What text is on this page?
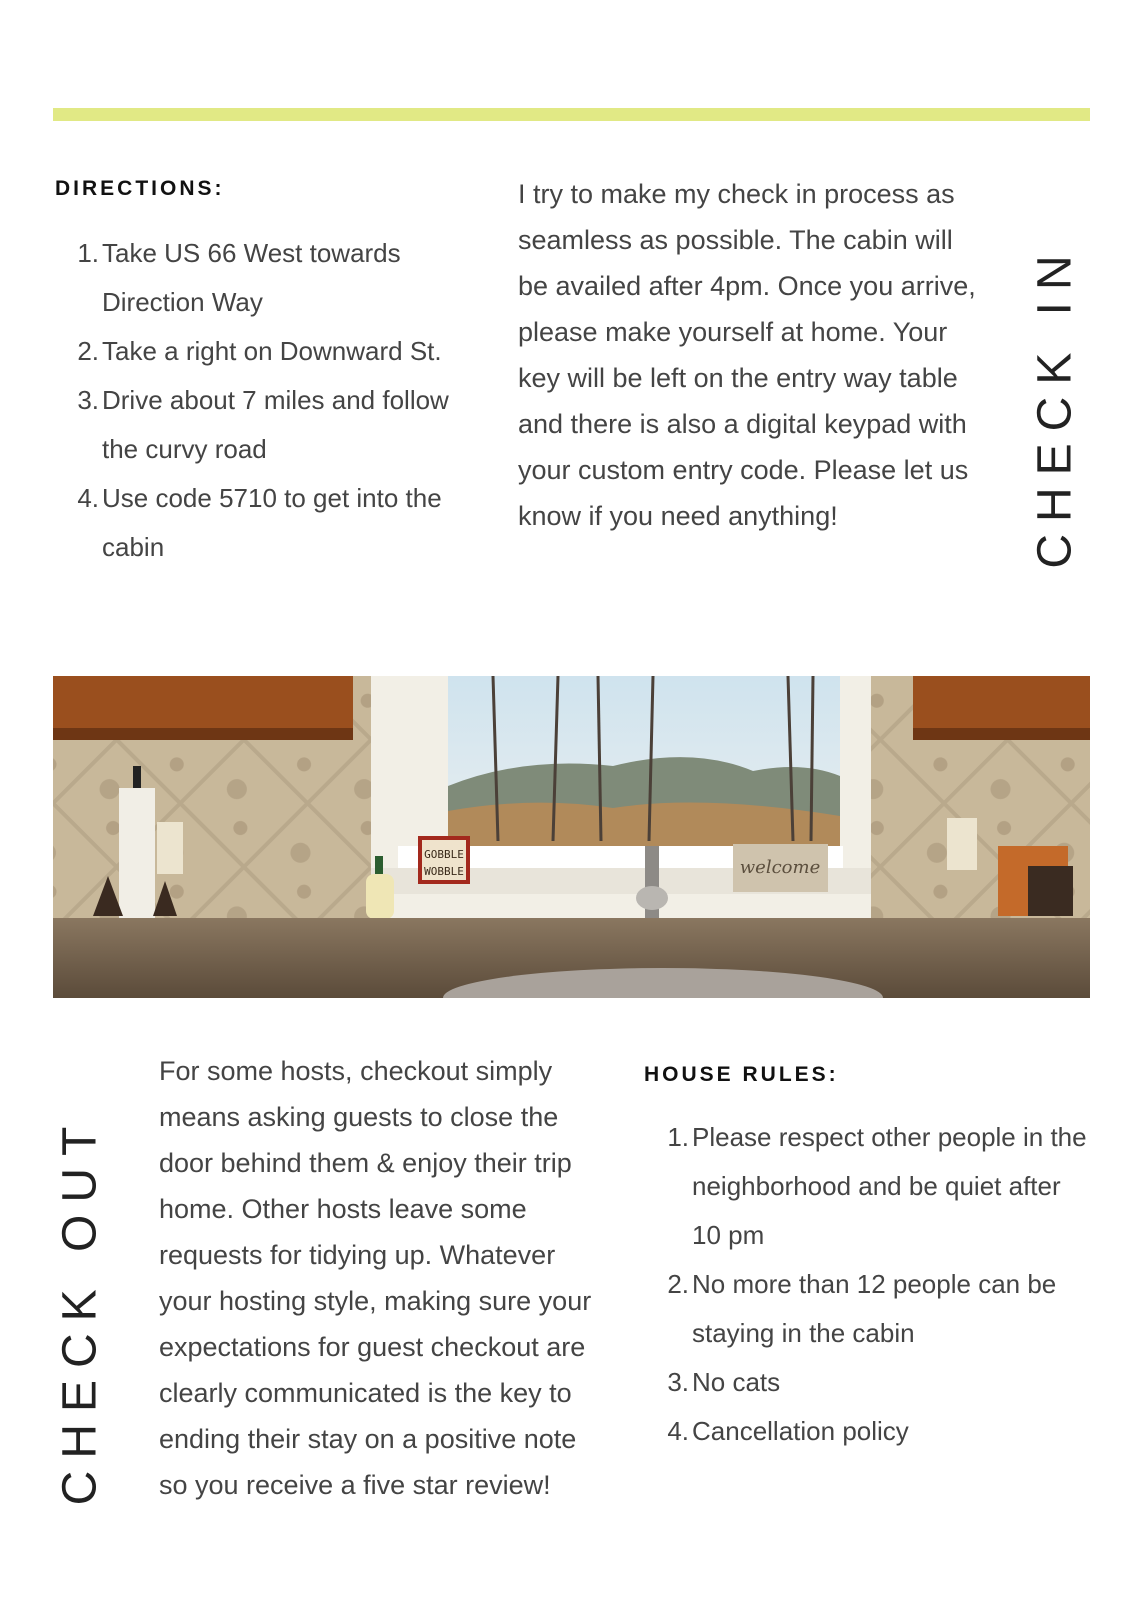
DIRECTIONS:
1. Take US 66 West towards Direction Way
2. Take a right on Downward St.
3. Drive about 7 miles and follow the curvy road
4. Use code 5710 to get into the cabin

I try to make my check in process as seamless as possible. The cabin will be availed after 4pm. Once you arrive, please make yourself at home. Your key will be left on the entry way table and there is also a digital keypad with your custom entry code. Please let us know if you need anything!	CHECK IN
GOBBLE
WOBBLE	welcome
CHECK OUT

For some hosts, checkout simply means asking guests to close the door behind them & enjoy their trip home. Other hosts leave some requests for tidying up. Whatever your hosting style, making sure your expectations for guest checkout are clearly communicated is the key to ending their stay on a positive note so you receive a five star review!

HOUSE RULES:
1. Please respect other people in the neighborhood and be quiet after 10 pm
2. No more than 12 people can be staying in the cabin
3. No cats
4. Cancellation policy
